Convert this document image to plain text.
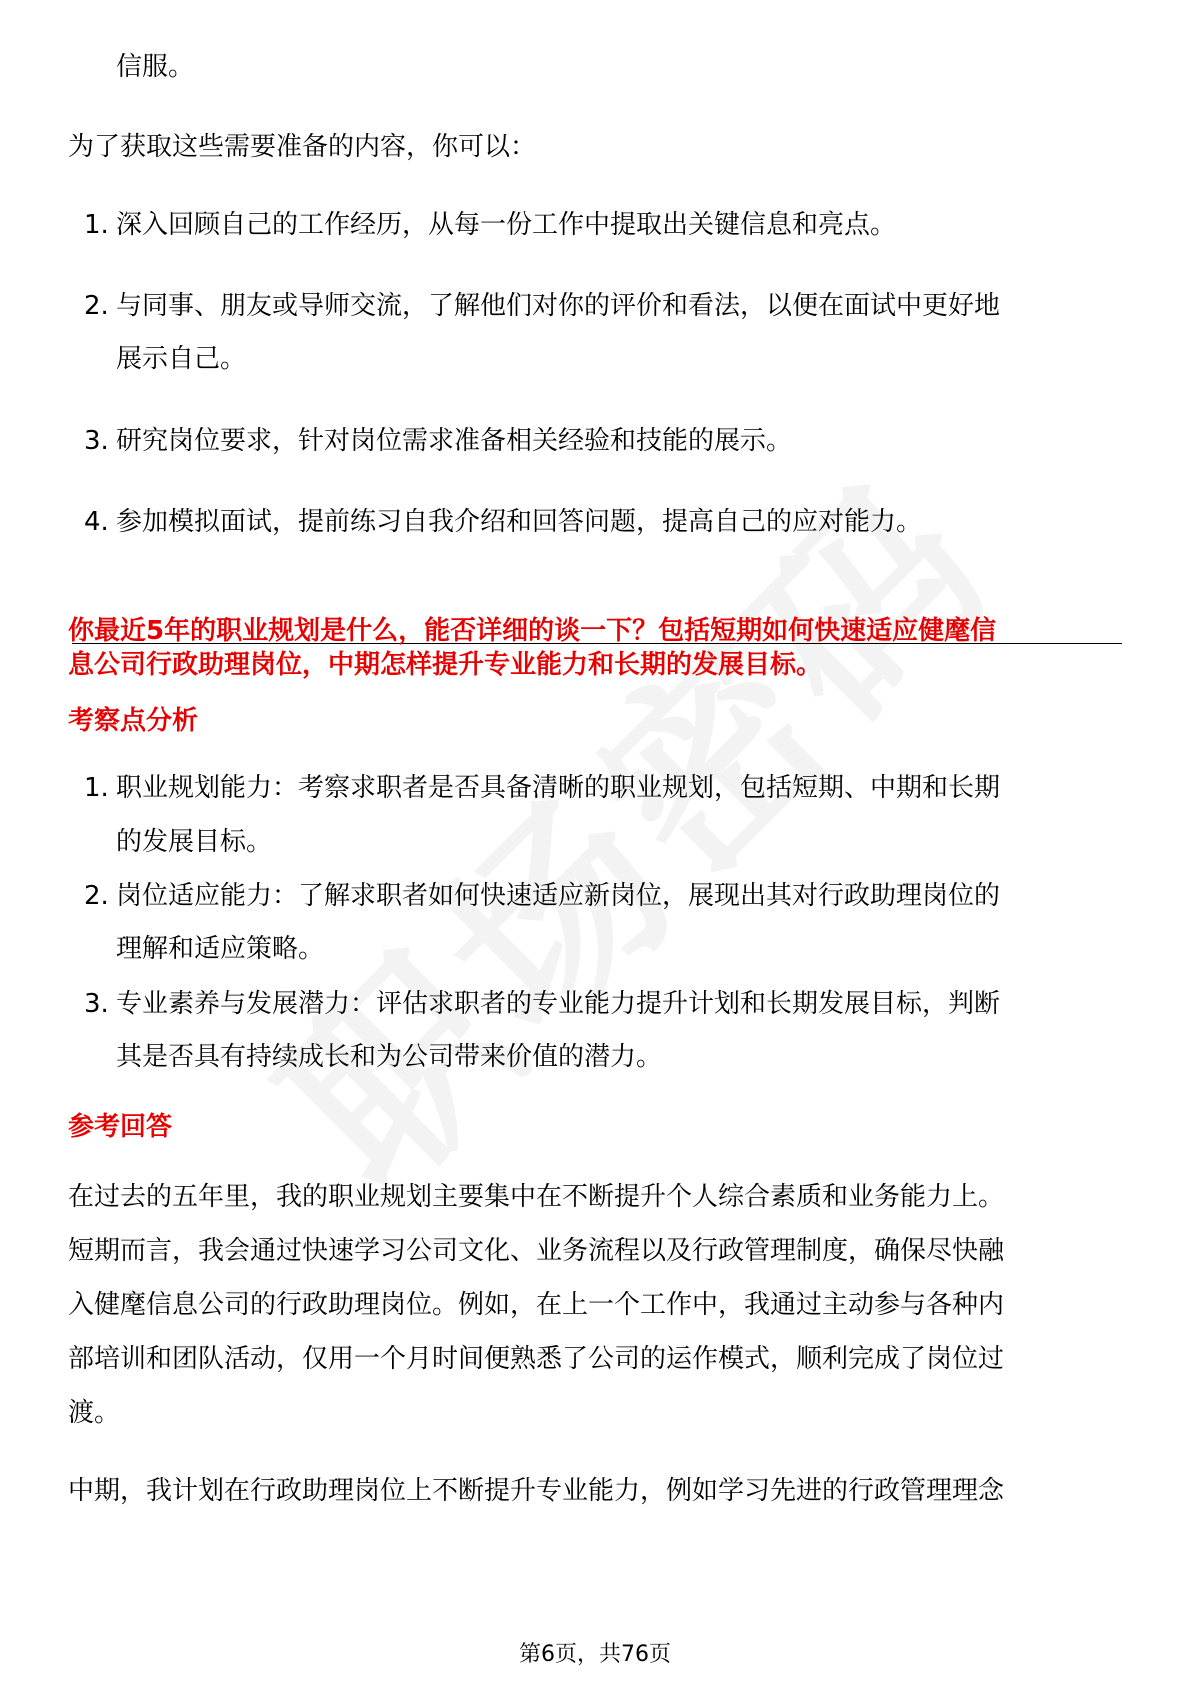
信服。
为了获取这些需要准备的内容，你可以：
1. 深入回顾自己的工作经历，从每一份工作中提取出关键信息和亮点。
2. 与同事、朋友或导师交流，了解他们对你的评价和看法，以便在面试中更好地
展示自己。
3. 研究岗位要求，针对岗位需求准备相关经验和技能的展示。
4. 参加模拟面试，提前练习自我介绍和回答问题，提高自己的应对能力。
你最近5年的职业规划是什么，能否详细的谈一下？包括短期如何快速适应健麾信
息公司行政助理岗位，中期怎样提升专业能力和长期的发展目标。
考察点分析
1. 职业规划能力：考察求职者是否具备清晰的职业规划，包括短期、中期和长期
的发展目标。
2. 岗位适应能力：了解求职者如何快速适应新岗位，展现出其对行政助理岗位的
理解和适应策略。
3. 专业素养与发展潜力：评估求职者的专业能力提升计划和长期发展目标，判断
其是否具有持续成长和为公司带来价值的潜力。
参考回答
在过去的五年里，我的职业规划主要集中在不断提升个人综合素质和业务能力上。
短期而言，我会通过快速学习公司文化、业务流程以及行政管理制度，确保尽快融
入健麾信息公司的行政助理岗位。例如，在上一个工作中，我通过主动参与各种内
部培训和团队活动，仅用一个月时间便熟悉了公司的运作模式，顺利完成了岗位过
渡。
中期，我计划在行政助理岗位上不断提升专业能力，例如学习先进的行政管理理念
第6页，共76页
